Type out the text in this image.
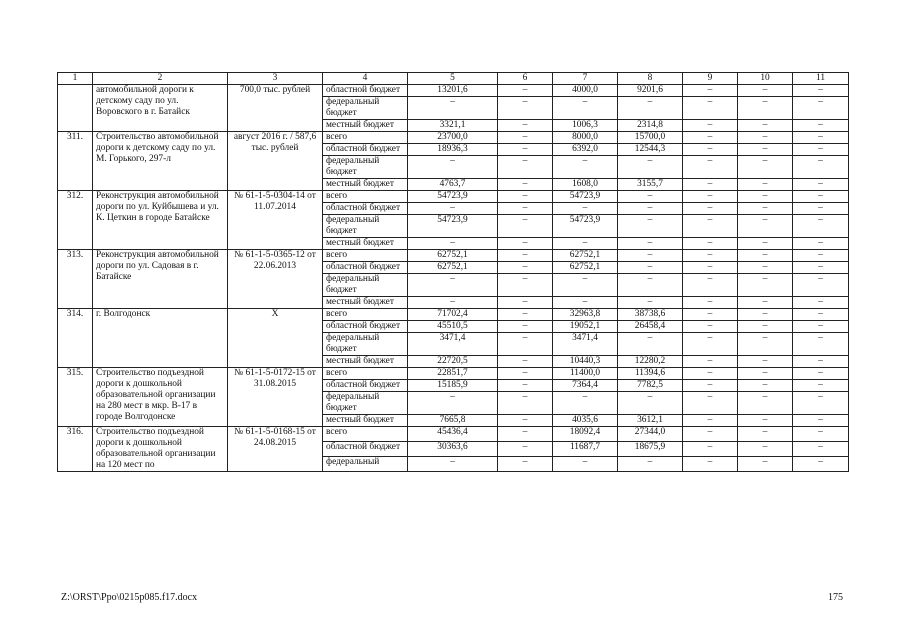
1	2	3	4	5	6	7	8	9	10	11
	автомобильной дороги к детскому саду по ул. Воровского в г. Батайск	700,0 тыс. рублей	областной бюджет	13201,6	–	4000,0	9201,6	–	–	–
			федеральный бюджет	–	–	–	–	–	–	–
			местный бюджет	3321,1	–	1006,3	2314,8	–	–	–
311.	Строительство автомобильной дороги к детскому саду по ул. М. Горького, 297-л	август 2016 г. / 587,6 тыс. рублей	всего	23700,0	–	8000,0	15700,0	–	–	–
			областной бюджет	18936,3	–	6392,0	12544,3	–	–	–
			федеральный бюджет	–	–	–	–	–	–	–
			местный бюджет	4763,7	–	1608,0	3155,7	–	–	–
312.	Реконструкция автомобильной дороги по ул. Куйбышева и ул. К. Цеткин в городе Батайске	№ 61-1-5-0304-14 от 11.07.2014	всего	54723,9	–	54723,9	–	–	–	–
			областной бюджет	–	–	–	–	–	–	–
			федеральный бюджет	54723,9	–	54723,9	–	–	–	–
			местный бюджет	–	–	–	–	–	–	–
313.	Реконструкция автомобильной дороги по ул. Садовая в г. Батайске	№ 61-1-5-0365-12 от 22.06.2013	всего	62752,1	–	62752,1	–	–	–	–
			областной бюджет	62752,1	–	62752,1	–	–	–	–
			федеральный бюджет	–	–	–	–	–	–	–
			местный бюджет	–	–	–	–	–	–	–
314.	г. Волгодонск	Х	всего	71702,4	–	32963,8	38738,6	–	–	–
			областной бюджет	45510,5	–	19052,1	26458,4	–	–	–
			федеральный бюджет	3471,4	–	3471,4	–	–	–	–
			местный бюджет	22720,5	–	10440,3	12280,2	–	–	–
315.	Строительство подъездной дороги к дошкольной образовательной организации на 280 мест в мкр. В-17 в городе Волгодонске	№ 61-1-5-0172-15 от 31.08.2015	всего	22851,7	–	11400,0	11394,6	–	–	–
			областной бюджет	15185,9	–	7364,4	7782,5	–	–	–
			федеральный бюджет	–	–	–	–	–	–	–
			местный бюджет	7665,8	–	4035,6	3612,1	–	–	–
316.	Строительство подъездной дороги к дошкольной образовательной организации на 120 мест по	№ 61-1-5-0168-15 от 24.08.2015	всего	45436,4	–	18092,4	27344,0	–	–	–
			областной бюджет	30363,6	–	11687,7	18675,9	–	–	–
			федеральный	–	–	–	–	–	–	–
Z:\ORST\Ppo\0215p085.f17.docx	175
